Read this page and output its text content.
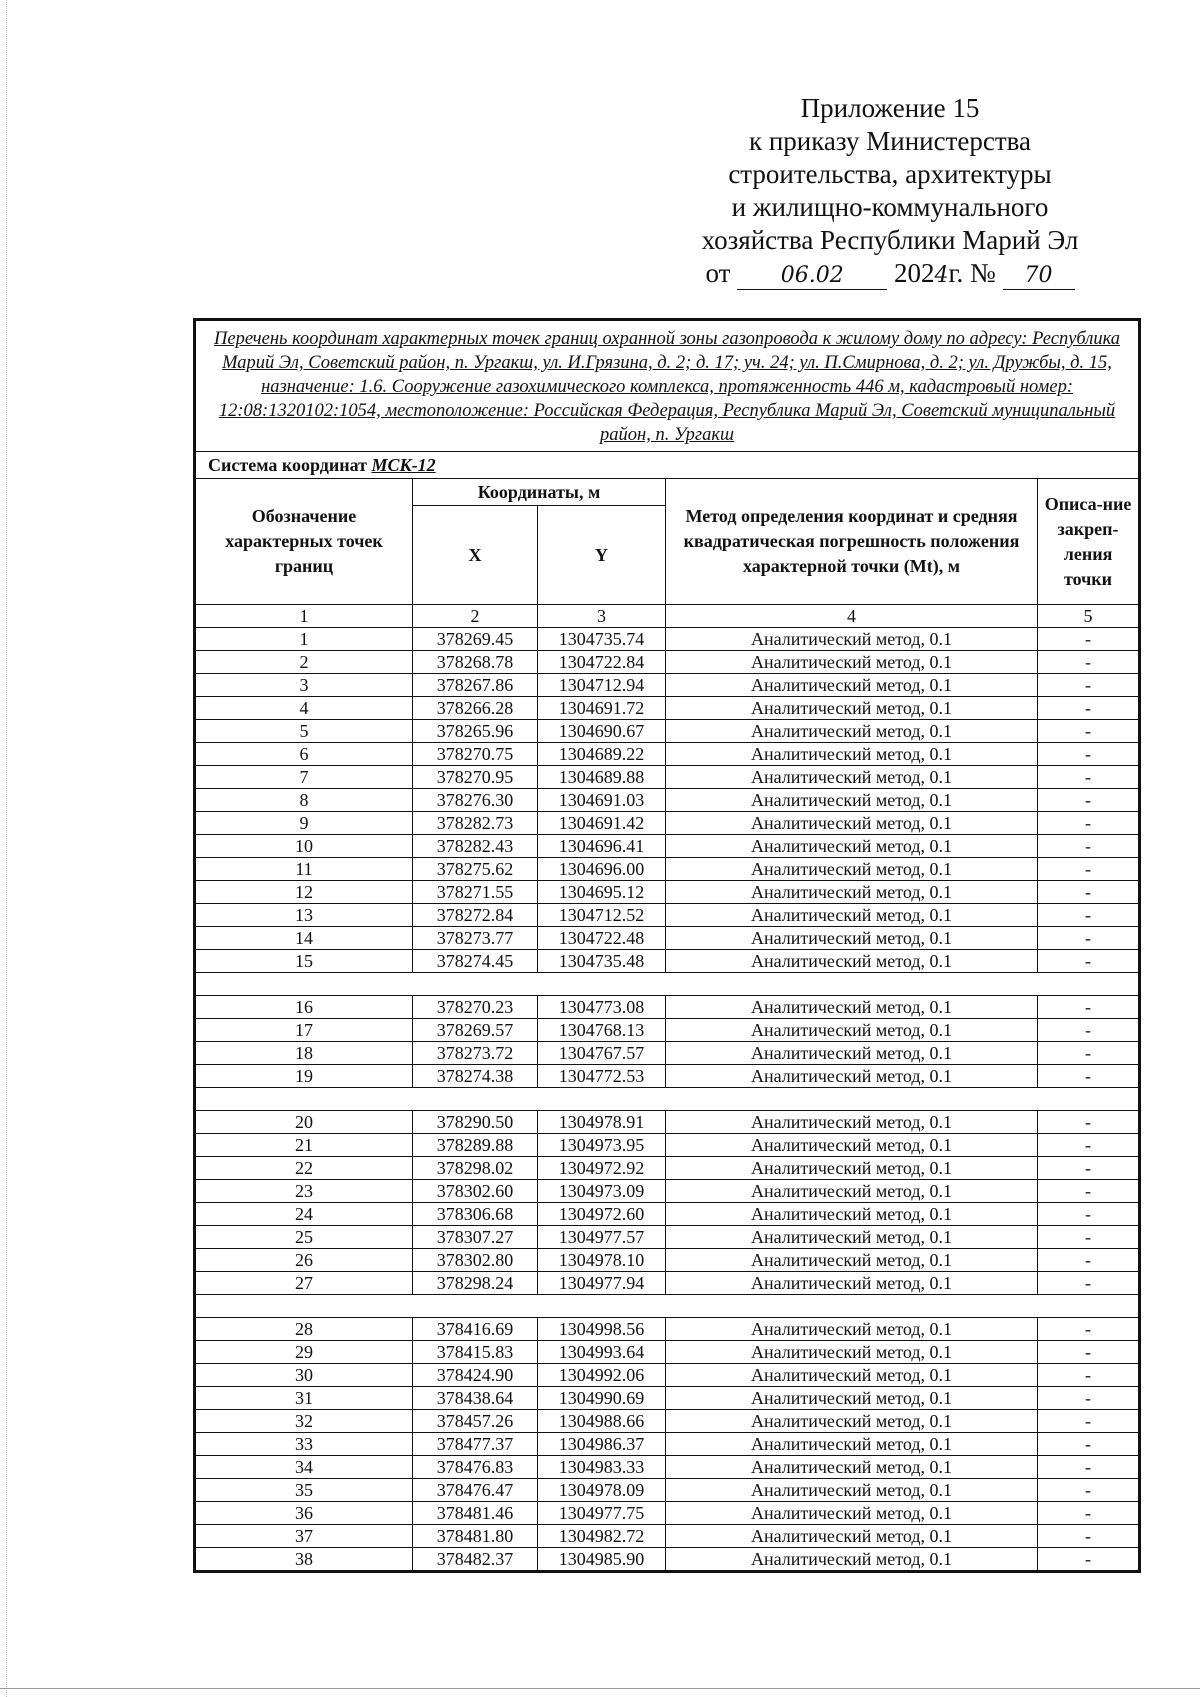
Приложение 15
к приказу Министерства
строительства, архитектуры
и жилищно-коммунального
хозяйства Республики Марий Эл
от 06.02 2024г. № 70
Перечень координат характерных точек границ охранной зоны газопровода к жилому дому по адресу: Республика Марий Эл, Советский район, п. Ургакш, ул. И.Грязина, д. 2; д. 17; уч. 24; ул. П.Смирнова, д. 2; ул. Дружбы, д. 15, назначение: 1.6. Сооружение газохимического комплекса, протяженность 446 м, кадастровый номер: 12:08:1320102:1054, местоположение: Российская Федерация, Республика Марий Эл, Советский муниципальный район, п. Ургакш				
Система координат МСК-12				
Обозначение характерных точек границ	Координаты, м		Метод определения координат и средняя квадратическая погрешность положения характерной точки (Mt), м	Описа-ние закреп-ления точки
	X	Y		
1	2	3	4	5
1	378269.45	1304735.74	Аналитический метод, 0.1	-
2	378268.78	1304722.84	Аналитический метод, 0.1	-
3	378267.86	1304712.94	Аналитический метод, 0.1	-
4	378266.28	1304691.72	Аналитический метод, 0.1	-
5	378265.96	1304690.67	Аналитический метод, 0.1	-
6	378270.75	1304689.22	Аналитический метод, 0.1	-
7	378270.95	1304689.88	Аналитический метод, 0.1	-
8	378276.30	1304691.03	Аналитический метод, 0.1	-
9	378282.73	1304691.42	Аналитический метод, 0.1	-
10	378282.43	1304696.41	Аналитический метод, 0.1	-
11	378275.62	1304696.00	Аналитический метод, 0.1	-
12	378271.55	1304695.12	Аналитический метод, 0.1	-
13	378272.84	1304712.52	Аналитический метод, 0.1	-
14	378273.77	1304722.48	Аналитический метод, 0.1	-
15	378274.45	1304735.48	Аналитический метод, 0.1	-

16	378270.23	1304773.08	Аналитический метод, 0.1	-
17	378269.57	1304768.13	Аналитический метод, 0.1	-
18	378273.72	1304767.57	Аналитический метод, 0.1	-
19	378274.38	1304772.53	Аналитический метод, 0.1	-

20	378290.50	1304978.91	Аналитический метод, 0.1	-
21	378289.88	1304973.95	Аналитический метод, 0.1	-
22	378298.02	1304972.92	Аналитический метод, 0.1	-
23	378302.60	1304973.09	Аналитический метод, 0.1	-
24	378306.68	1304972.60	Аналитический метод, 0.1	-
25	378307.27	1304977.57	Аналитический метод, 0.1	-
26	378302.80	1304978.10	Аналитический метод, 0.1	-
27	378298.24	1304977.94	Аналитический метод, 0.1	-

28	378416.69	1304998.56	Аналитический метод, 0.1	-
29	378415.83	1304993.64	Аналитический метод, 0.1	-
30	378424.90	1304992.06	Аналитический метод, 0.1	-
31	378438.64	1304990.69	Аналитический метод, 0.1	-
32	378457.26	1304988.66	Аналитический метод, 0.1	-
33	378477.37	1304986.37	Аналитический метод, 0.1	-
34	378476.83	1304983.33	Аналитический метод, 0.1	-
35	378476.47	1304978.09	Аналитический метод, 0.1	-
36	378481.46	1304977.75	Аналитический метод, 0.1	-
37	378481.80	1304982.72	Аналитический метод, 0.1	-
38	378482.37	1304985.90	Аналитический метод, 0.1	-
